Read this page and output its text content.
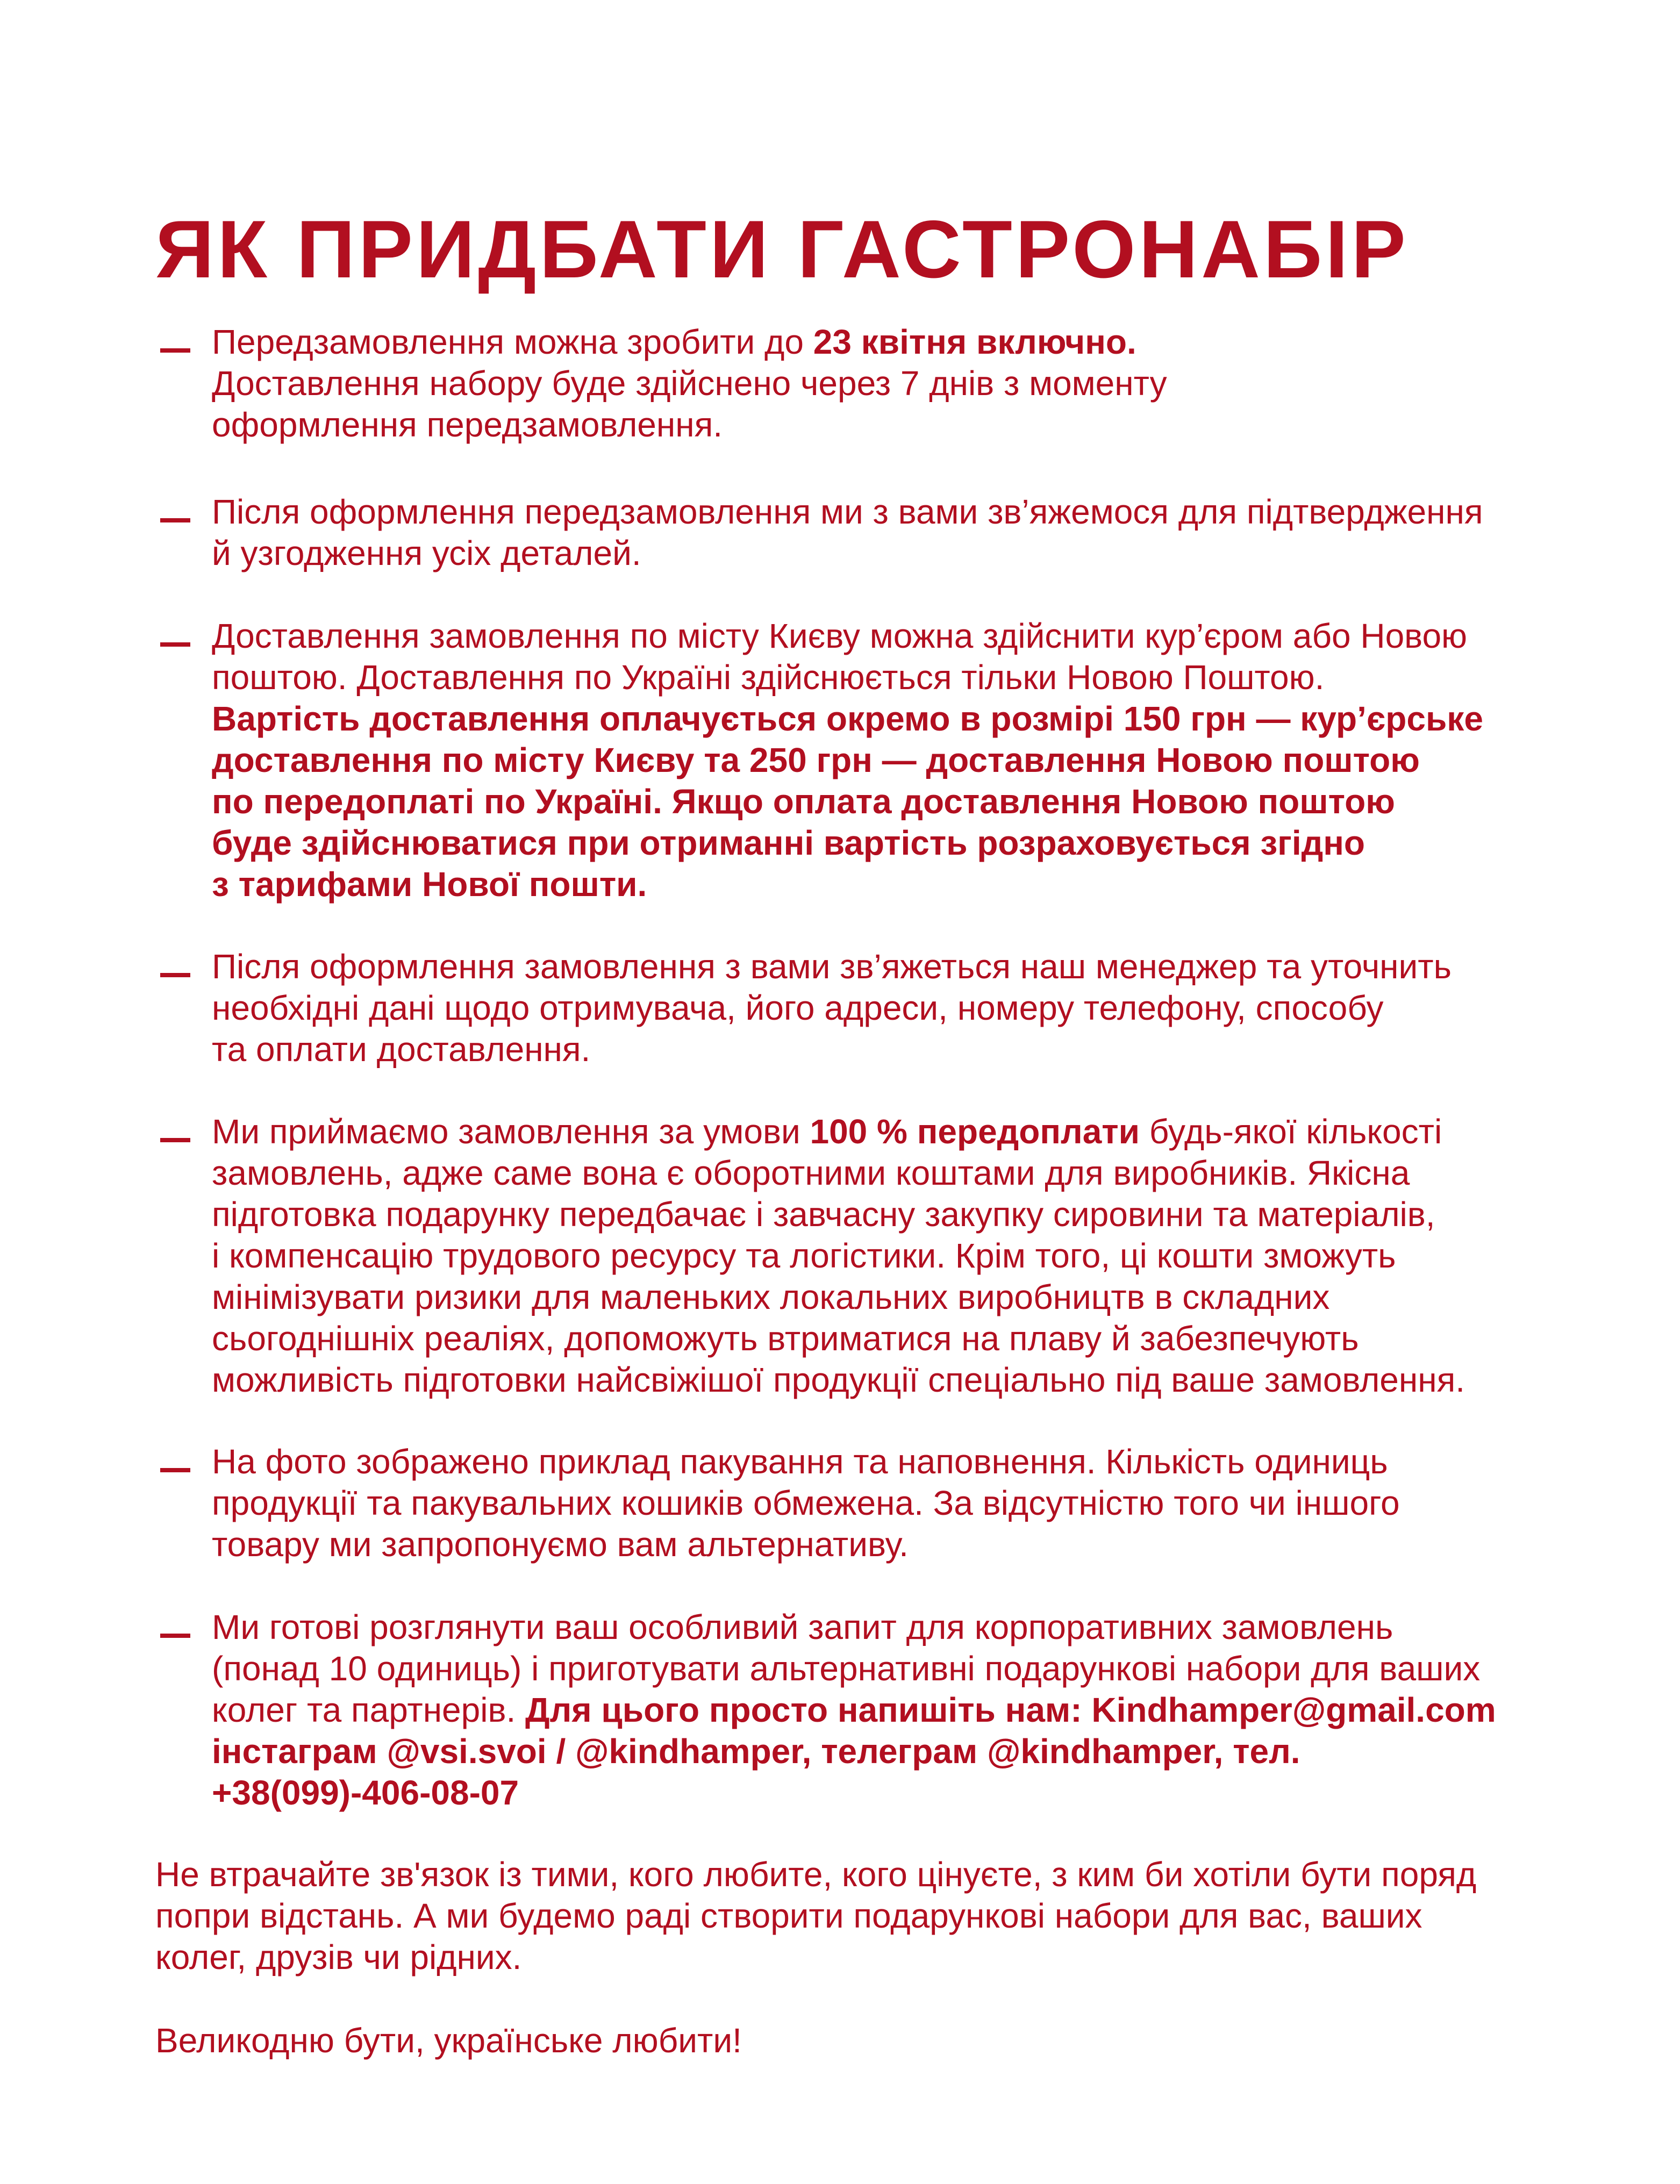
ЯК ПРИДБАТИ ГАСТРОНАБІР
Передзамовлення можна зробити до 23 квітня включно.
Доставлення набору буде здійснено через 7 днів з моменту
оформлення передзамовлення.
Після оформлення передзамовлення ми з вами зв’яжемося для підтвердження
й узгодження усіх деталей.
Доставлення замовлення по місту Києву можна здійснити кур’єром або Новою
поштою. Доставлення по Україні здійснюється тільки Новою Поштою.
Вартість доставлення оплачується окремо в розмірі 150 грн — кур’єрське
доставлення по місту Києву та 250 грн — доставлення Новою поштою
по передоплаті по Україні. Якщо оплата доставлення Новою поштою
буде здійснюватися при отриманні вартість розраховується згідно
з тарифами Нової пошти.
Після оформлення замовлення з вами зв’яжеться наш менеджер та уточнить
необхідні дані щодо отримувача, його адреси, номеру телефону, способу
та оплати доставлення.
Ми приймаємо замовлення за умови 100 % передоплати будь-якої кількості
замовлень, адже саме вона є оборотними коштами для виробників. Якісна
підготовка подарунку передбачає і завчасну закупку сировини та матеріалів,
і компенсацію трудового ресурсу та логістики. Крім того, ці кошти зможуть
мінімізувати ризики для маленьких локальних виробництв в складних
сьогоднішніх реаліях, допоможуть втриматися на плаву й забезпечують
можливість підготовки найсвіжішої продукції спеціально під ваше замовлення.
На фото зображено приклад пакування та наповнення. Кількість одиниць
продукції та пакувальних кошиків обмежена. За відсутністю того чи іншого
товару ми запропонуємо вам альтернативу.
Ми готові розглянути ваш особливий запит для корпоративних замовлень
(понад 10 одиниць) і приготувати альтернативні подарункові набори для ваших
колег та партнерів. Для цього просто напишіть нам: Kindhamper@gmail.com
інстаграм @vsi.svoi / @kindhamper, телеграм @kindhamper, тел.
+38(099)-406-08-07

Не втрачайте зв'язок із тими, кого любите, кого цінуєте, з ким би хотіли бути поряд
попри відстань. А ми будемо раді створити подарункові набори для вас, ваших
колег, друзів чи рідних.

Великодню бути, українське любити!
